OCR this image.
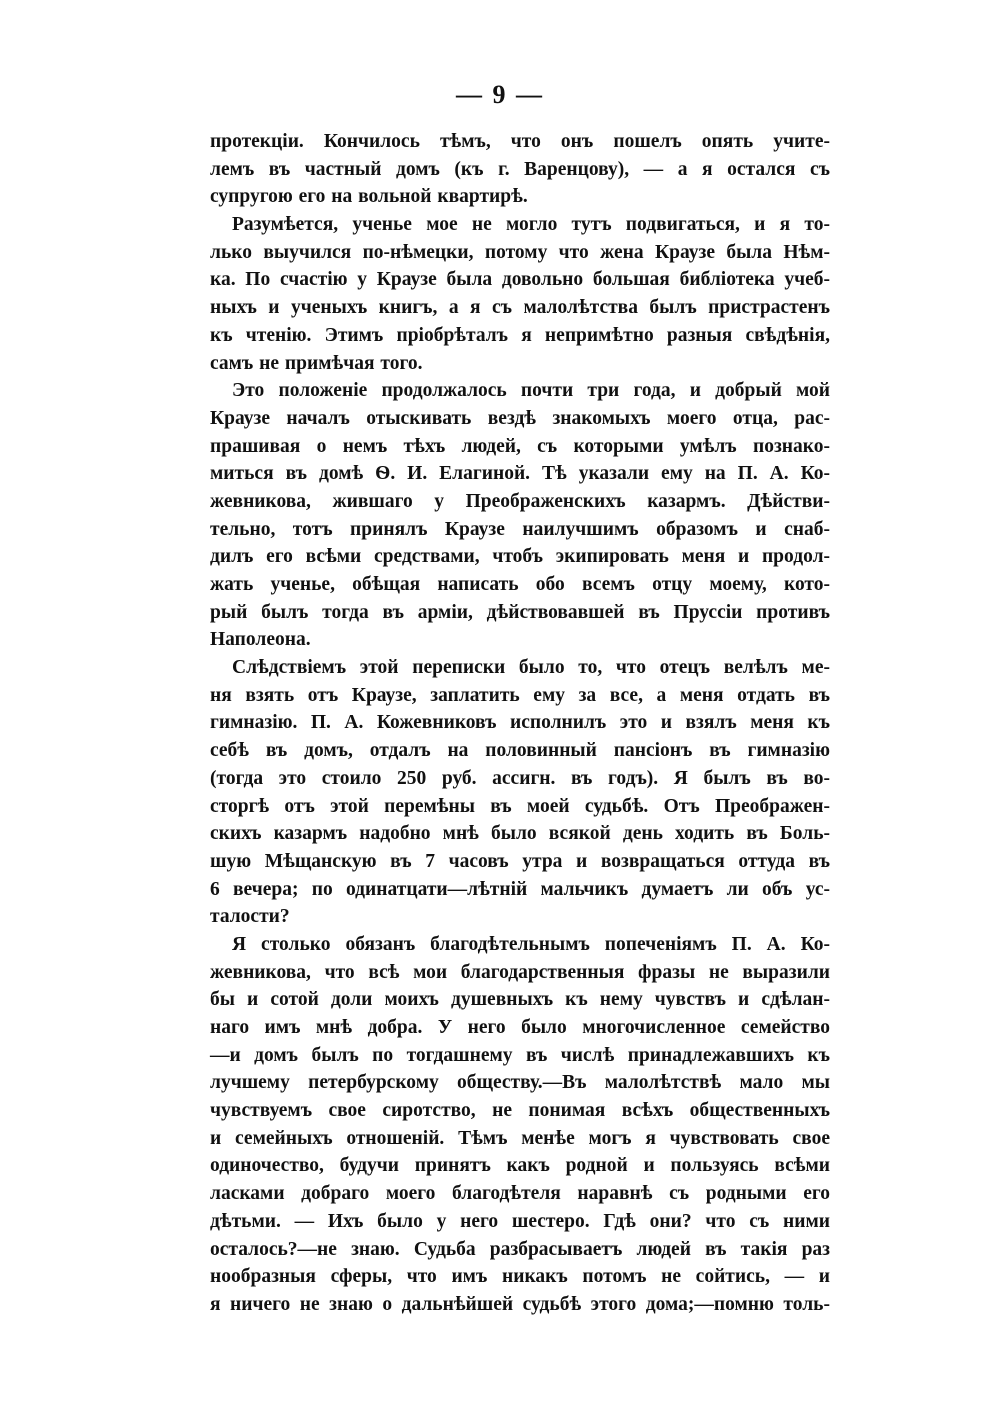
— 9 —
протекціи. Кончилось тѣмъ, что онъ пошелъ опять учите-
лемъ въ частный домъ (къ г. Варенцову), — а я остался съ
супругою его на вольной квартирѣ.
Разумѣется, ученье мое не могло тутъ подвигаться, и я то-
лько выучился по-нѣмецки, потому что жена Краузе была Нѣм-
ка. По счастію у Краузе была довольно большая библіотека учеб-
ныхъ и ученыхъ книгъ, а я съ малолѣтства былъ пристрастенъ
къ чтенію. Этимъ пріобрѣталъ я непримѣтно разныя свѣдѣнія,
самъ не примѣчая того.
Это положеніе продолжалось почти три года, и добрый мой
Краузе началъ отыскивать вездѣ знакомыхъ моего отца, рас-
прашивая о немъ тѣхъ людей, съ которыми умѣлъ познако-
миться въ домѣ Ѳ. И. Елагиной. Тѣ указали ему на П. А. Ко-
жевникова, жившаго у Преображенскихъ казармъ. Дѣйстви-
тельно, тотъ принялъ Краузе наилучшимъ образомъ и снаб-
дилъ его всѣми средствами, чтобъ экипировать меня и продол-
жать ученье, обѣщая написать обо всемъ отцу моему, кото-
рый былъ тогда въ арміи, дѣйствовавшей въ Пруссіи противъ
Наполеона.
Слѣдствіемъ этой переписки было то, что отецъ велѣлъ ме-
ня взять отъ Краузе, заплатить ему за все, а меня отдать въ
гимназію. П. А. Кожевниковъ исполнилъ это и взялъ меня къ
себѣ въ домъ, отдалъ на половинный пансіонъ въ гимназію
(тогда это стоило 250 руб. ассигн. въ годъ). Я былъ въ во-
сторгѣ отъ этой перемѣны въ моей судьбѣ. Отъ Преображен-
скихъ казармъ надобно мнѣ было всякой день ходить въ Боль-
шую Мѣщанскую въ 7 часовъ утра и возвращаться оттуда въ
6 вечера; по одинатцати—лѣтній мальчикъ думаетъ ли объ ус-
талости?
Я столько обязанъ благодѣтельнымъ попеченіямъ П. А. Ко-
жевникова, что всѣ мои благодарственныя фразы не выразили
бы и сотой доли моихъ душевныхъ къ нему чувствъ и сдѣлан-
наго имъ мнѣ добра. У него было многочисленное семейство
—и домъ былъ по тогдашнему въ числѣ принадлежавшихъ къ
лучшему петербурскому обществу.—Въ малолѣтствѣ мало мы
чувствуемъ свое сиротство, не понимая всѣхъ общественныхъ
и семейныхъ отношеній. Тѣмъ менѣе могъ я чувствовать свое
одиночество, будучи принятъ какъ родной и пользуясь всѣми
ласками добраго моего благодѣтеля наравнѣ съ родными его
дѣтьми. — Ихъ было у него шестеро. Гдѣ они? что съ ними
осталось?—не знаю. Судьба разбрасываетъ людей въ такія раз
нообразныя сферы, что имъ никакъ потомъ не сойтись, — и
я ничего не знаю о дальнѣйшей судьбѣ этого дома;—помню толь-
